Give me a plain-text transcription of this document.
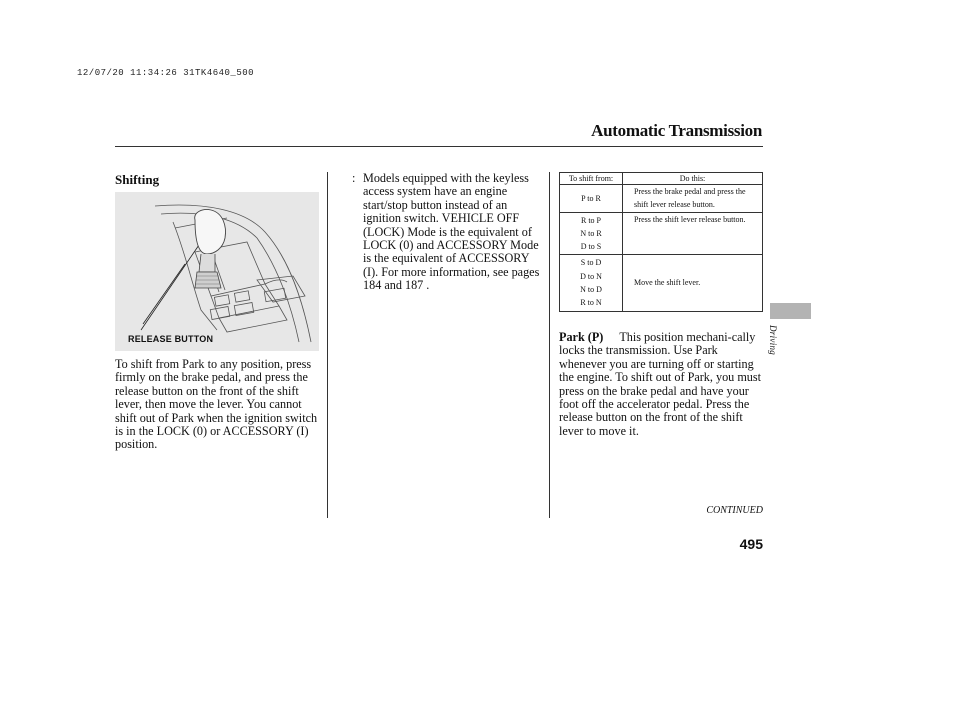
12/07/20 11:34:26 31TK4640_500
Automatic Transmission
Shifting
RELEASE BUTTON

To shift from Park to any position, press firmly on the brake pedal, and press the release button on the front of the shift lever, then move the lever. You cannot shift out of Park when the ignition switch is in the LOCK (0) or ACCESSORY (I) position.

: Models equipped with the keyless access system have an engine start/stop button instead of an ignition switch. VEHICLE OFF (LOCK) Mode is the equivalent of LOCK (0) and ACCESSORY Mode is the equivalent of ACCESSORY (I). For more information, see pages 184 and 187 .
To shift from:	Do this:

P to R	Press the brake pedal and press the shift lever release button.

R to P
N to R
D to S	Press the shift lever release button.

S to D
D to N
N to D
R to N	Move the shift lever.

Park (P) This position mechani-cally locks the transmission. Use Park whenever you are turning off or starting the engine. To shift out of Park, you must press on the brake pedal and have your foot off the accelerator pedal. Press the release button on the front of the shift lever to move it.

Driving
CONTINUED
495
